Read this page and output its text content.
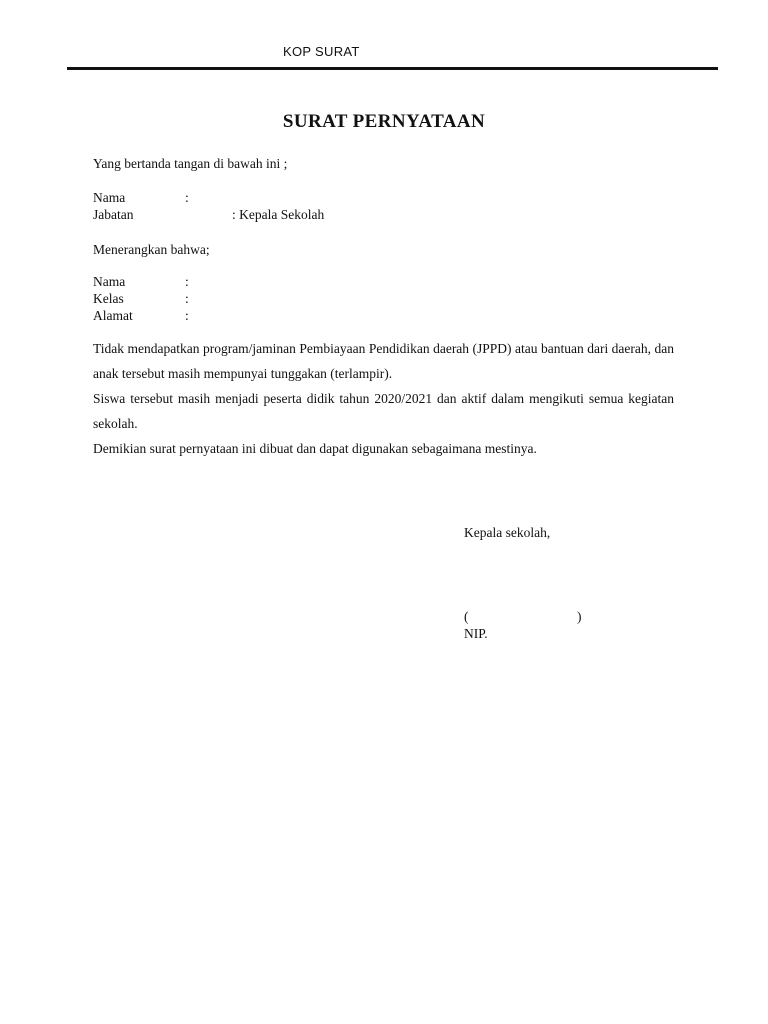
KOP SURAT
SURAT PERNYATAAN
Yang bertanda tangan di bawah ini ;
Nama	:
Jabatan	: Kepala Sekolah
Menerangkan bahwa;
Nama	:
Kelas	:
Alamat	:
Tidak mendapatkan program/jaminan Pembiayaan Pendidikan daerah (JPPD) atau bantuan dari daerah, dan anak tersebut masih mempunyai tunggakan (terlampir).
Siswa tersebut masih menjadi peserta didik tahun 2020/2021 dan aktif dalam mengikuti semua kegiatan sekolah.
Demikian surat pernyataan ini dibuat dan dapat digunakan sebagaimana mestinya.
Kepala sekolah,
(	)
NIP.
